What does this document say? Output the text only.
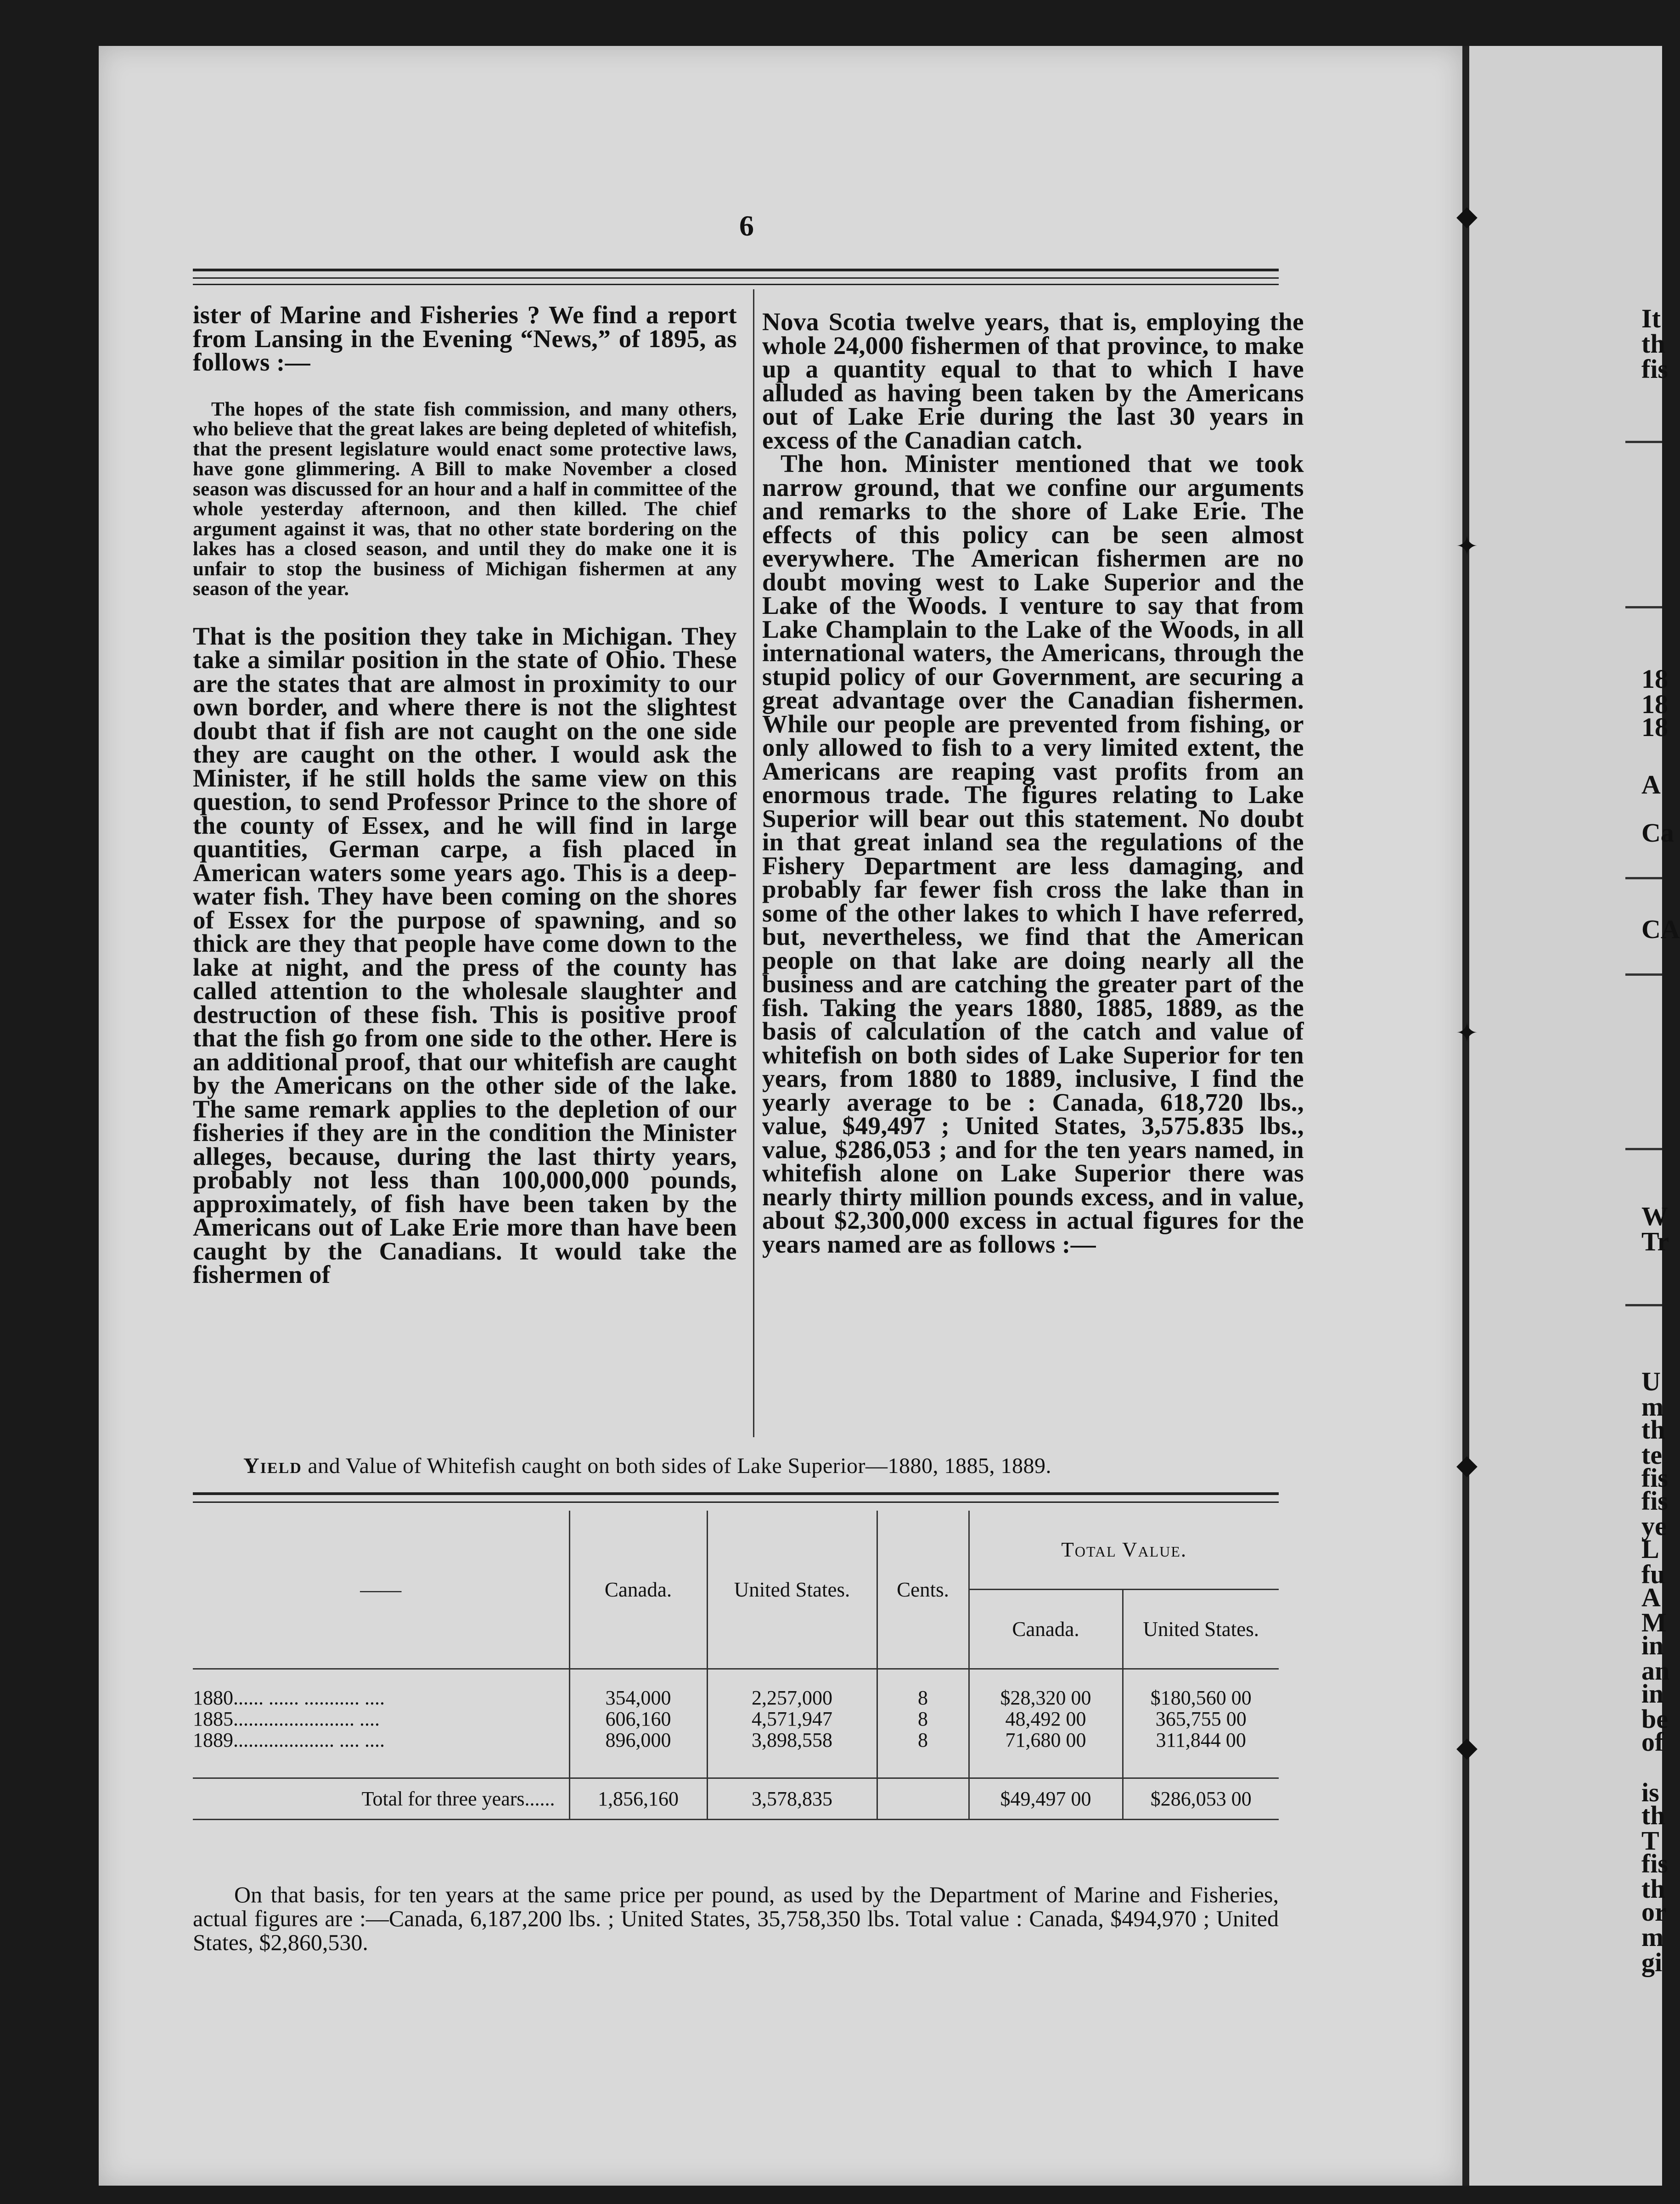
◆
✦
✦
◆
◆
It
th
fis
18
18
18
A
Ca
CA
W
Tr
U
m
th
te
fis
fis
ye
L
fu
A
M
in
an
in
be
of
is
th
T
fis
th
or
m
gi
6

ister of Marine and Fisheries ? We find a report from Lansing in the Evening “News,” of 1895, as follows :—

The hopes of the state fish commission, and many others, who believe that the great lakes are being depleted of whitefish, that the present legislature would enact some protective laws, have gone glimmering. A Bill to make November a closed season was discussed for an hour and a half in committee of the whole yesterday afternoon, and then killed. The chief argument against it was, that no other state bordering on the lakes has a closed season, and until they do make one it is unfair to stop the business of Michigan fishermen at any season of the year.

That is the position they take in Michigan. They take a similar position in the state of Ohio. These are the states that are almost in proximity to our own border, and where there is not the slightest doubt that if fish are not caught on the one side they are caught on the other. I would ask the Minister, if he still holds the same view on this question, to send Professor Prince to the shore of the county of Essex, and he will find in large quantities, German carpe, a fish placed in American waters some years ago. This is a deep-water fish. They have been coming on the shores of Essex for the purpose of spawning, and so thick are they that people have come down to the lake at night, and the press of the county has called attention to the wholesale slaughter and destruction of these fish. This is positive proof that the fish go from one side to the other. Here is an additional proof, that our whitefish are caught by the Americans on the other side of the lake. The same remark applies to the depletion of our fisheries if they are in the condition the Minister alleges, because, during the last thirty years, probably not less than 100,000,000 pounds, approximately, of fish have been taken by the Americans out of Lake Erie more than have been caught by the Canadians. It would take the fishermen of

Nova Scotia twelve years, that is, employing the whole 24,000 fishermen of that province, to make up a quantity equal to that to which I have alluded as having been taken by the Americans out of Lake Erie during the last 30 years in excess of the Canadian catch.

The hon. Minister mentioned that we took narrow ground, that we confine our arguments and remarks to the shore of Lake Erie. The effects of this policy can be seen almost everywhere. The American fishermen are no doubt moving west to Lake Superior and the Lake of the Woods. I venture to say that from Lake Champlain to the Lake of the Woods, in all international waters, the Americans, through the stupid policy of our Government, are securing a great advantage over the Canadian fishermen. While our people are prevented from fishing, or only allowed to fish to a very limited extent, the Americans are reaping vast profits from an enormous trade. The figures relating to Lake Superior will bear out this statement. No doubt in that great inland sea the regulations of the Fishery Department are less damaging, and probably far fewer fish cross the lake than in some of the other lakes to which I have referred, but, nevertheless, we find that the American people on that lake are doing nearly all the business and are catching the greater part of the fish. Taking the years 1880, 1885, 1889, as the basis of calculation of the catch and value of whitefish on both sides of Lake Superior for ten years, from 1880 to 1889, inclusive, I find the yearly average to be : Canada, 618,720 lbs., value, $49,497 ; United States, 3,575.835 lbs., value, $286,053 ; and for the ten years named, in whitefish alone on Lake Superior there was nearly thirty million pounds excess, and in value, about $2,300,000 excess in actual figures for the years named are as follows :—

Yield and Value of Whitefish caught on both sides of Lake Superior—1880, 1885, 1889.
——	Canada.	United States.	Cents.	Total Value.	
				Canada.	United States.

1880...... ...... ........... ....	354,000	2,257,000	8	$28,320 00	$180,560 00
1885........................ ....	606,160	4,571,947	8	48,492 00	365,755 00
1889.................... .... ....	896,000	3,898,558	8	71,680 00	311,844 00

Total for three years......	1,856,160	3,578,835		$49,497 00	$286,053 00

On that basis, for ten years at the same price per pound, as used by the Department of Marine and Fisheries, actual figures are :—Canada, 6,187,200 lbs. ; United States, 35,758,350 lbs. Total value : Canada, $494,970 ; United States, $2,860,530.
